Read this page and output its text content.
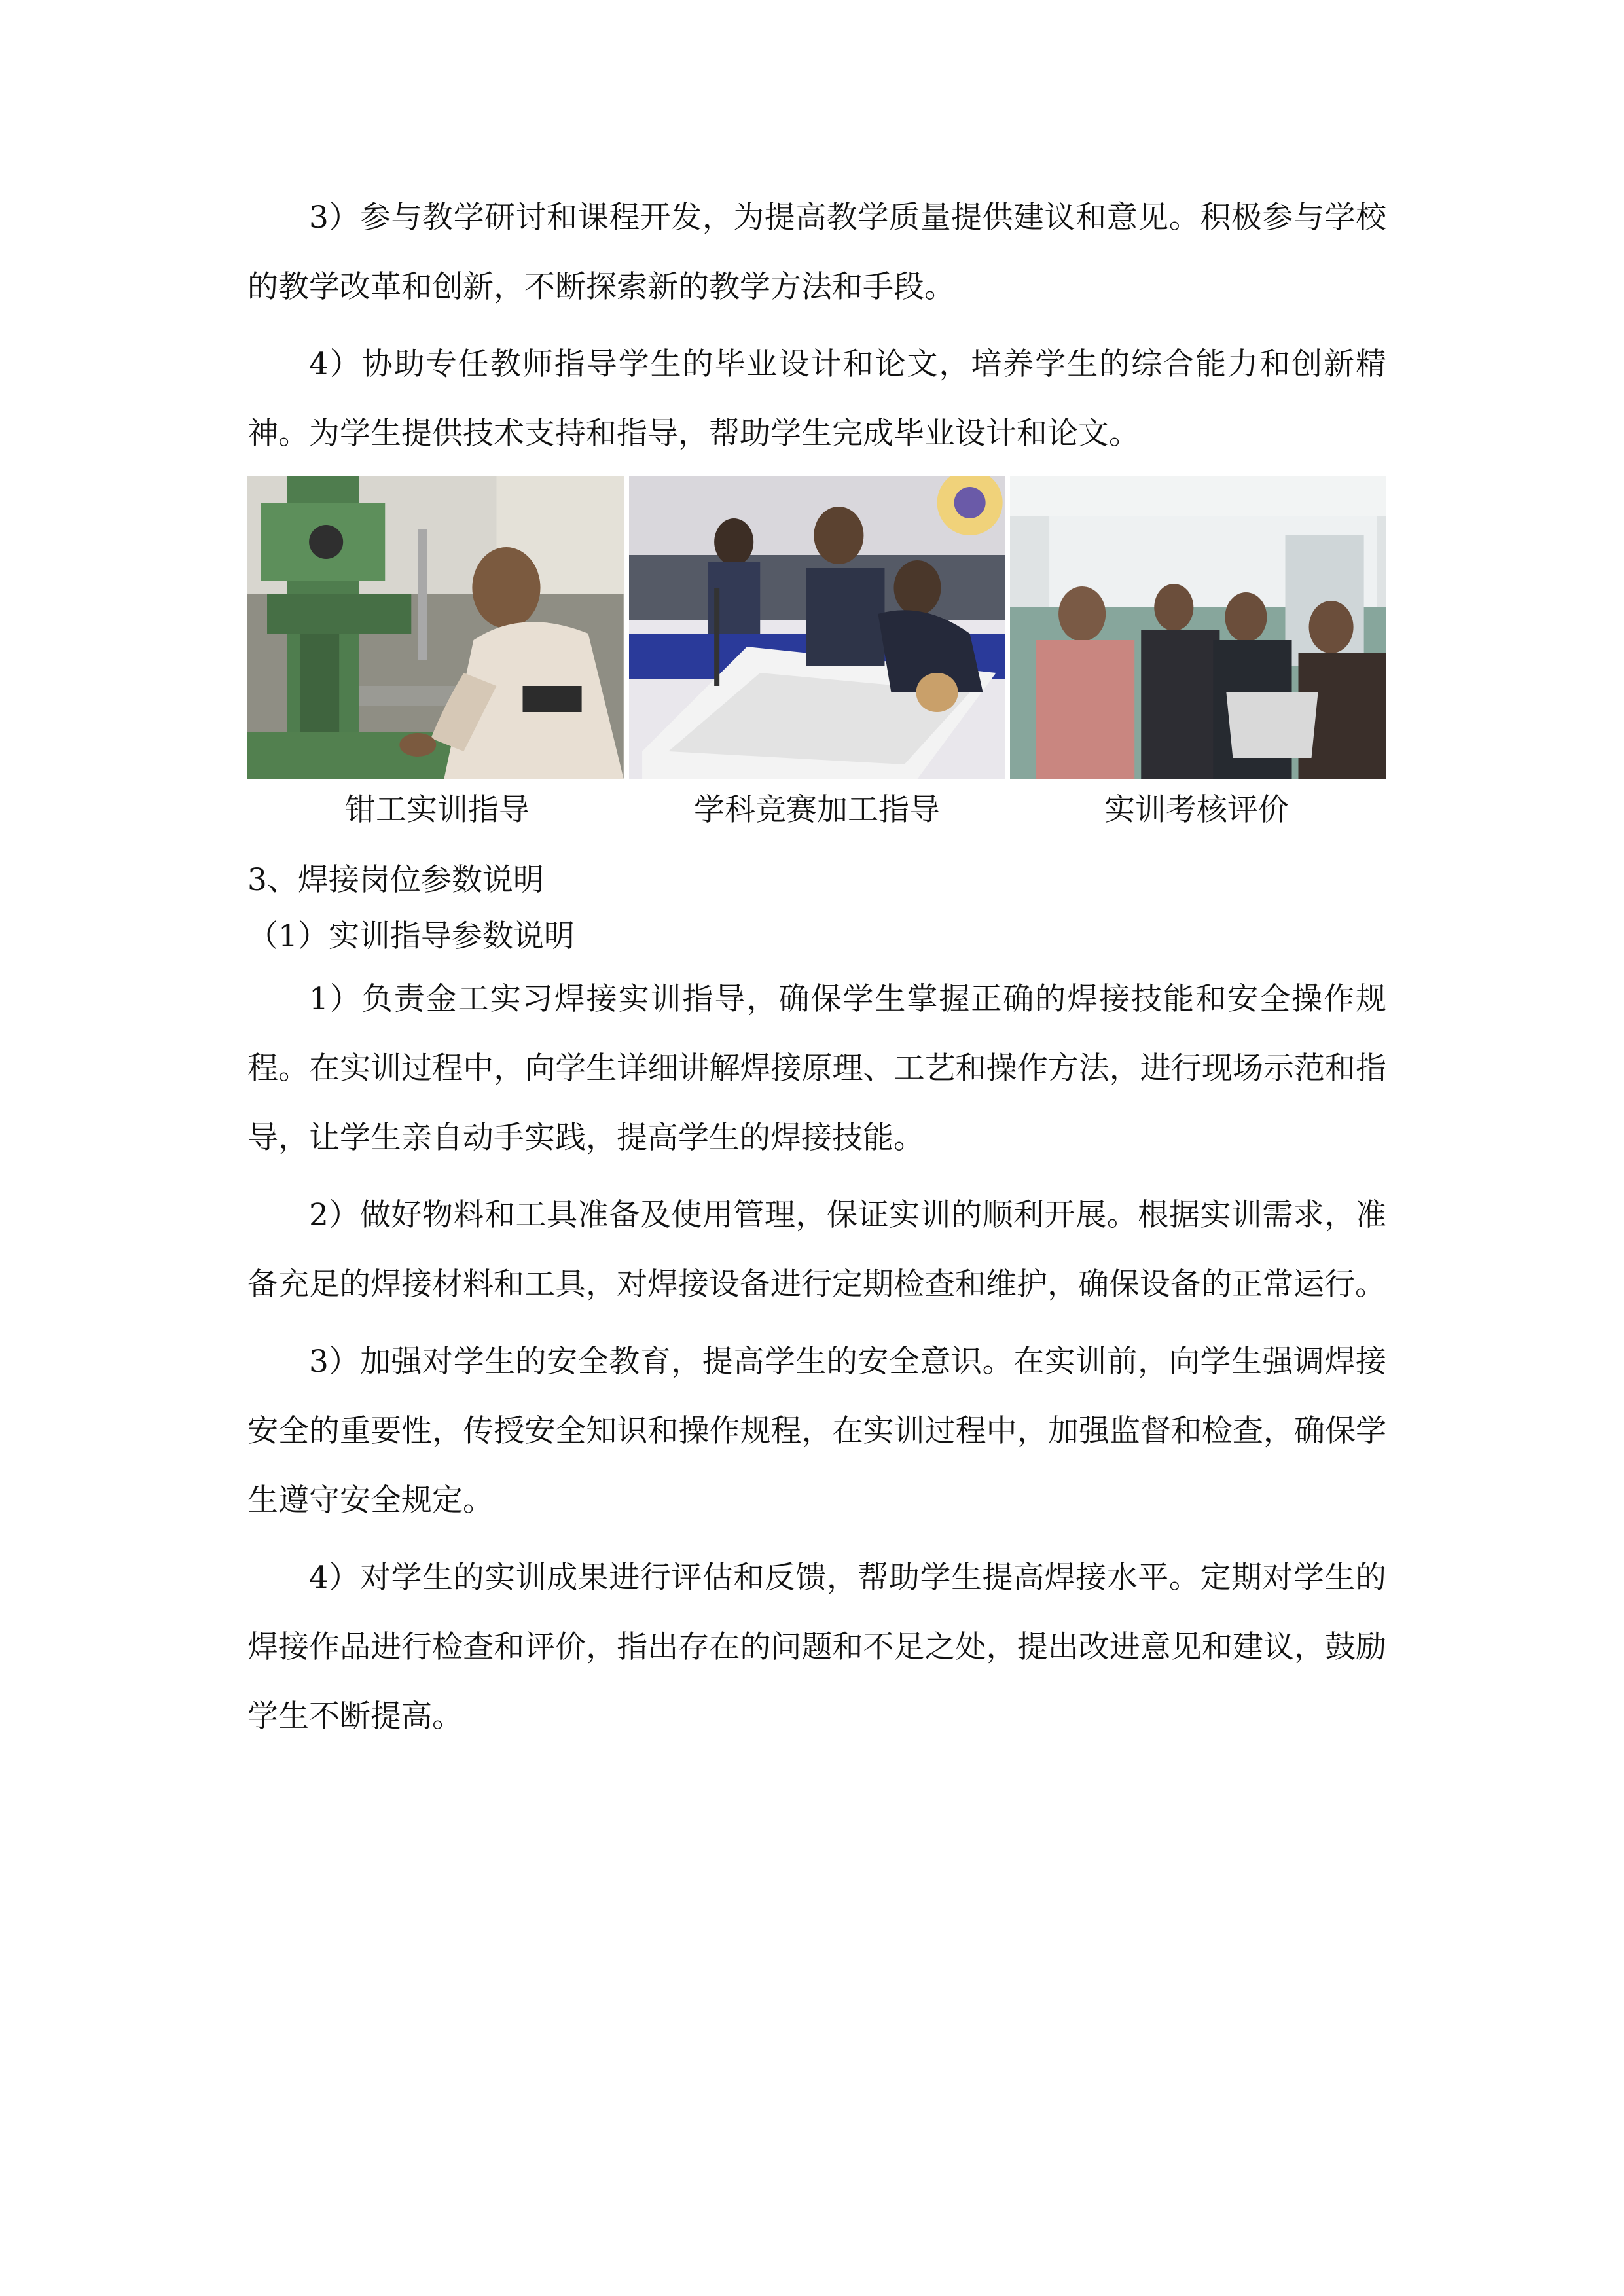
3）参与教学研讨和课程开发，为提高教学质量提供建议和意见。积极参与学校的教学改革和创新，不断探索新的教学方法和手段。

4）协助专任教师指导学生的毕业设计和论文，培养学生的综合能力和创新精神。为学生提供技术支持和指导，帮助学生完成毕业设计和论文。

钳工实训指导	学科竞赛加工指导	实训考核评价

3、焊接岗位参数说明

（1）实训指导参数说明

1）负责金工实习焊接实训指导，确保学生掌握正确的焊接技能和安全操作规程。在实训过程中，向学生详细讲解焊接原理、工艺和操作方法，进行现场示范和指导，让学生亲自动手实践，提高学生的焊接技能。

2）做好物料和工具准备及使用管理，保证实训的顺利开展。根据实训需求，准备充足的焊接材料和工具，对焊接设备进行定期检查和维护，确保设备的正常运行。

3）加强对学生的安全教育，提高学生的安全意识。在实训前，向学生强调焊接安全的重要性，传授安全知识和操作规程，在实训过程中，加强监督和检查，确保学生遵守安全规定。

4）对学生的实训成果进行评估和反馈，帮助学生提高焊接水平。定期对学生的焊接作品进行检查和评价，指出存在的问题和不足之处，提出改进意见和建议，鼓励学生不断提高。
